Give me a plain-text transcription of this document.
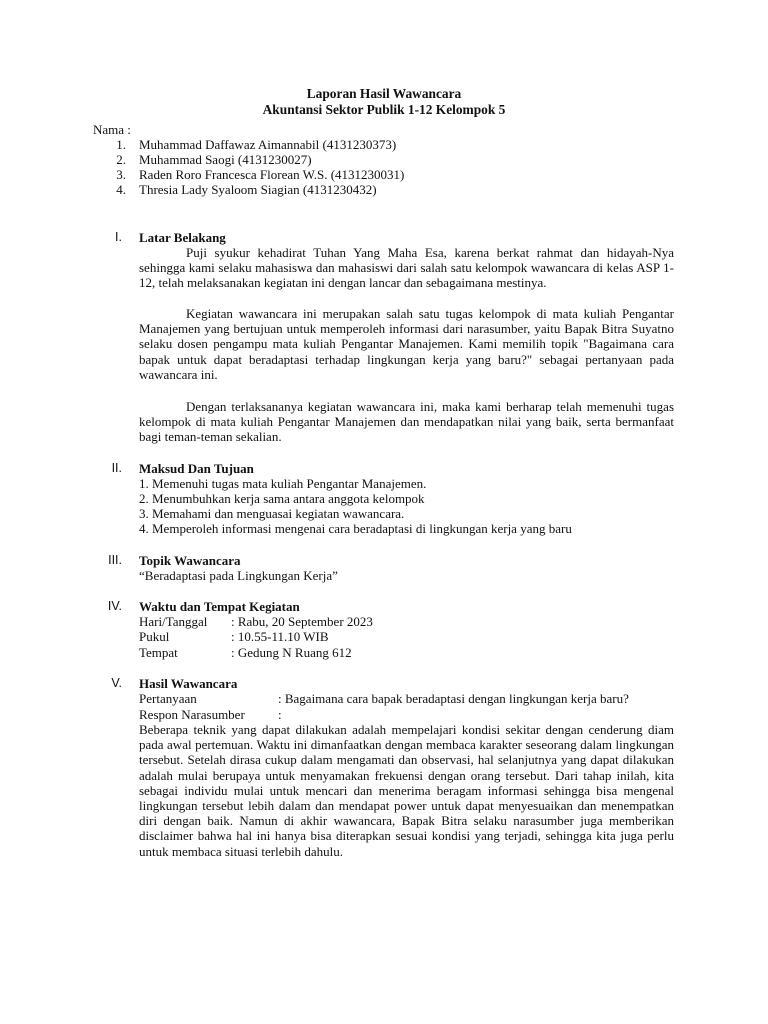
Laporan Hasil Wawancara
Akuntansi Sektor Publik 1-12 Kelompok 5
Nama :
1. Muhammad Daffawaz Aimannabil (4131230373)
2. Muhammad Saogi (4131230027)
3. Raden Roro Francesca Florean W.S. (4131230031)
4. Thresia Lady Syaloom Siagian (4131230432)
I. Latar Belakang
Puji syukur kehadirat Tuhan Yang Maha Esa, karena berkat rahmat dan hidayah-Nya sehingga kami selaku mahasiswa dan mahasiswi dari salah satu kelompok wawancara di kelas ASP 1-12, telah melaksanakan kegiatan ini dengan lancar dan sebagaimana mestinya.
Kegiatan wawancara ini merupakan salah satu tugas kelompok di mata kuliah Pengantar Manajemen yang bertujuan untuk memperoleh informasi dari narasumber, yaitu Bapak Bitra Suyatno selaku dosen pengampu mata kuliah Pengantar Manajemen. Kami memilih topik "Bagaimana cara bapak untuk dapat beradaptasi terhadap lingkungan kerja yang baru?" sebagai pertanyaan pada wawancara ini.
Dengan terlaksananya kegiatan wawancara ini, maka kami berharap telah memenuhi tugas kelompok di mata kuliah Pengantar Manajemen dan mendapatkan nilai yang baik, serta bermanfaat bagi teman-teman sekalian.
II. Maksud Dan Tujuan
1. Memenuhi tugas mata kuliah Pengantar Manajemen.
2. Menumbuhkan kerja sama antara anggota kelompok
3. Memahami dan menguasai kegiatan wawancara.
4. Memperoleh informasi mengenai cara beradaptasi di lingkungan kerja yang baru
III. Topik Wawancara
“Beradaptasi pada Lingkungan Kerja”
IV. Waktu dan Tempat Kegiatan
Hari/Tanggal : Rabu, 20 September 2023
Pukul	: 10.55-11.10 WIB
Tempat	: Gedung N Ruang 612
V. Hasil Wawancara
Pertanyaan	: Bagaimana cara bapak beradaptasi dengan lingkungan kerja baru?
Respon Narasumber	:
Beberapa teknik yang dapat dilakukan adalah mempelajari kondisi sekitar dengan cenderung diam pada awal pertemuan. Waktu ini dimanfaatkan dengan membaca karakter seseorang dalam lingkungan tersebut. Setelah dirasa cukup dalam mengamati dan observasi, hal selanjutnya yang dapat dilakukan adalah mulai berupaya untuk menyamakan frekuensi dengan orang tersebut. Dari tahap inilah, kita sebagai individu mulai untuk mencari dan menerima beragam informasi sehingga bisa mengenal lingkungan tersebut lebih dalam dan mendapat power untuk dapat menyesuaikan dan menempatkan diri dengan baik. Namun di akhir wawancara, Bapak Bitra selaku narasumber juga memberikan disclaimer bahwa hal ini hanya bisa diterapkan sesuai kondisi yang terjadi, sehingga kita juga perlu untuk membaca situasi terlebih dahulu.
